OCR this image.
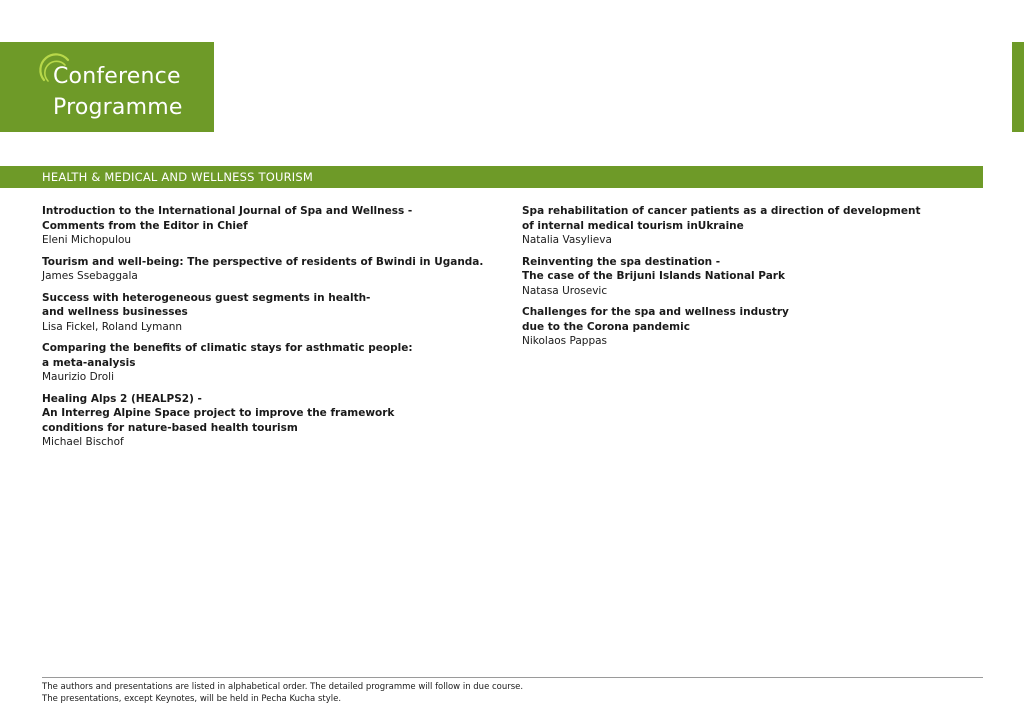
Conference
Programme
HEALTH & MEDICAL AND WELLNESS TOURISM
Introduction to the International Journal of Spa and Wellness -
Comments from the Editor in Chief
Eleni Michopulou
Tourism and well-being: The perspective of residents of Bwindi in Uganda.
James Ssebaggala
Success with heterogeneous guest segments in health-
and wellness businesses
Lisa Fickel, Roland Lymann
Comparing the benefits of climatic stays for asthmatic people:
a meta-analysis
Maurizio Droli
Healing Alps 2 (HEALPS2) -
An Interreg Alpine Space project to improve the framework
conditions for nature-based health tourism
Michael Bischof
Spa rehabilitation of cancer patients as a direction of development
of internal medical tourism inUkraine
Natalia Vasylieva
Reinventing the spa destination -
The case of the Brijuni Islands National Park
Natasa Urosevic
Challenges for the spa and wellness industry
due to the Corona pandemic
Nikolaos Pappas
The authors and presentations are listed in alphabetical order. The detailed programme will follow in due course.
The presentations, except Keynotes, will be held in Pecha Kucha style.
